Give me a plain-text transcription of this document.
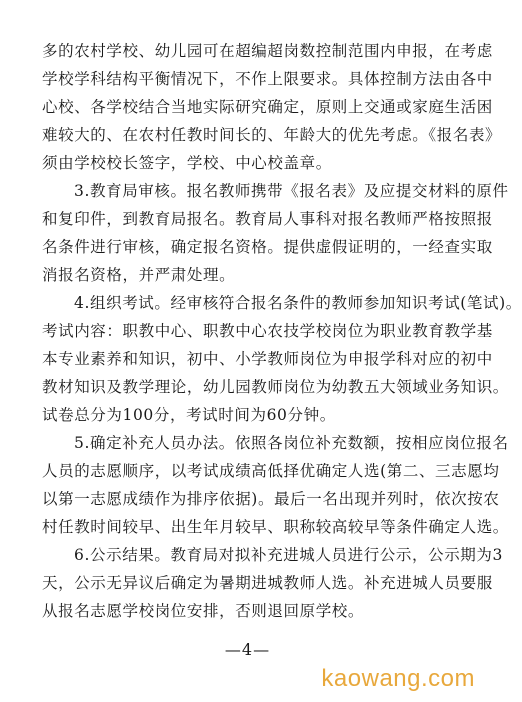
多的农村学校、幼儿园可在超编超岗数控制范围内申报，在考虑
学校学科结构平衡情况下，不作上限要求。具体控制方法由各中
心校、各学校结合当地实际研究确定，原则上交通或家庭生活困
难较大的、在农村任教时间长的、年龄大的优先考虑。《报名表》
须由学校校长签字，学校、中心校盖章。
3.教育局审核。报名教师携带《报名表》及应提交材料的原件
和复印件，到教育局报名。教育局人事科对报名教师严格按照报
名条件进行审核，确定报名资格。提供虚假证明的，一经查实取
消报名资格，并严肃处理。
4.组织考试。经审核符合报名条件的教师参加知识考试(笔试)。
考试内容：职教中心、职教中心农技学校岗位为职业教育教学基
本专业素养和知识，初中、小学教师岗位为申报学科对应的初中
教材知识及教学理论，幼儿园教师岗位为幼教五大领域业务知识。
试卷总分为100分，考试时间为60分钟。
5.确定补充人员办法。依照各岗位补充数额，按相应岗位报名
人员的志愿顺序，以考试成绩高低择优确定人选(第二、三志愿均
以第一志愿成绩作为排序依据)。最后一名出现并列时，依次按农
村任教时间较早、出生年月较早、职称较高较早等条件确定人选。
6.公示结果。教育局对拟补充进城人员进行公示，公示期为3
天，公示无异议后确定为暑期进城教师人选。补充进城人员要服
从报名志愿学校岗位安排，否则退回原学校。
—4—
kaowang.com
